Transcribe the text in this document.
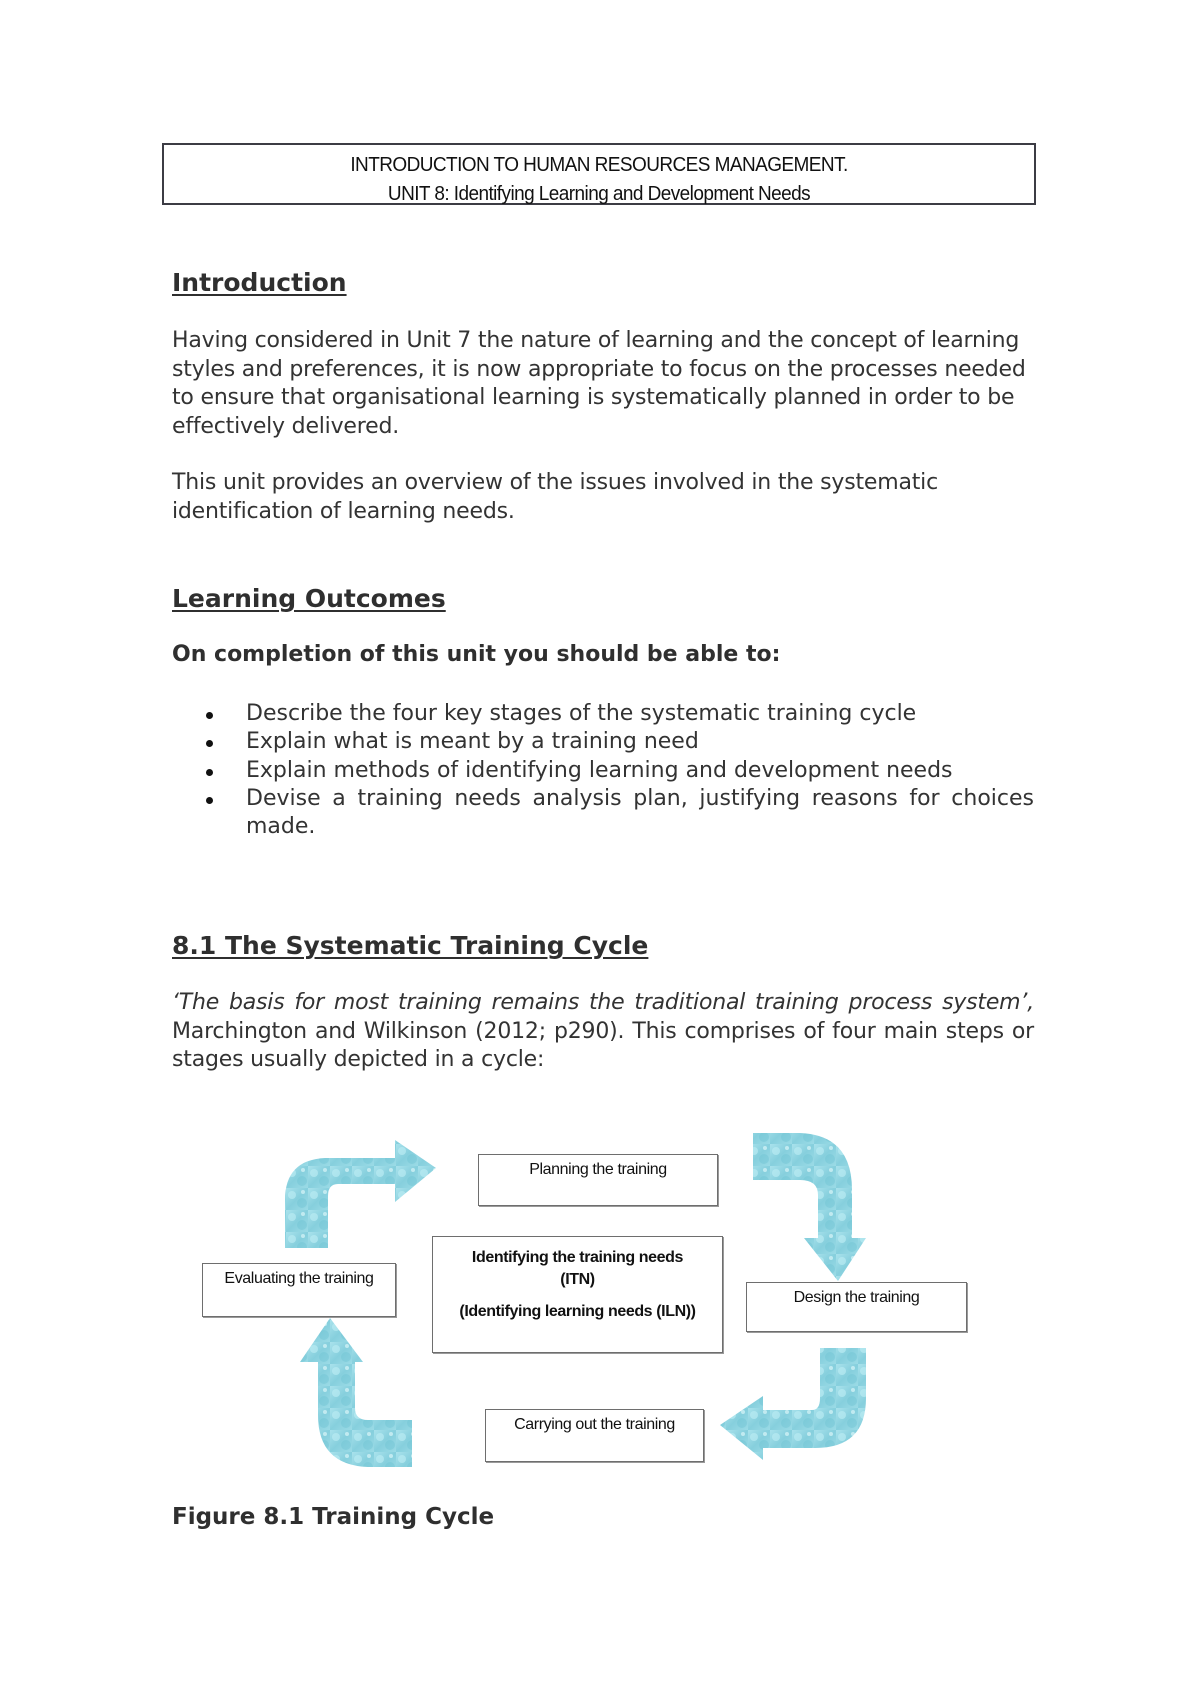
INTRODUCTION TO HUMAN RESOURCES MANAGEMENT.
UNIT 8: Identifying Learning and Development Needs
Introduction
Having considered in Unit 7 the nature of learning and the concept of learning styles and preferences, it is now appropriate to focus on the processes needed to ensure that organisational learning is systematically planned in order to be effectively delivered.
This unit provides an overview of the issues involved in the systematic identification of learning needs.
Learning Outcomes
On completion of this unit you should be able to:
Describe the four key stages of the systematic training cycle
Explain what is meant by a training need
Explain methods of identifying learning and development needs
Devise a training needs analysis plan, justifying reasons for choices made.
8.1 The Systematic Training Cycle
‘The basis for most training remains the traditional training process system’, Marchington and Wilkinson (2012; p290). This comprises of four main steps or stages usually depicted in a cycle:
Planning the training
Identifying the training needs
(ITN)
(Identifying learning needs (ILN))
Evaluating the training
Design the training
Carrying out the training
Figure 8.1 Training Cycle
